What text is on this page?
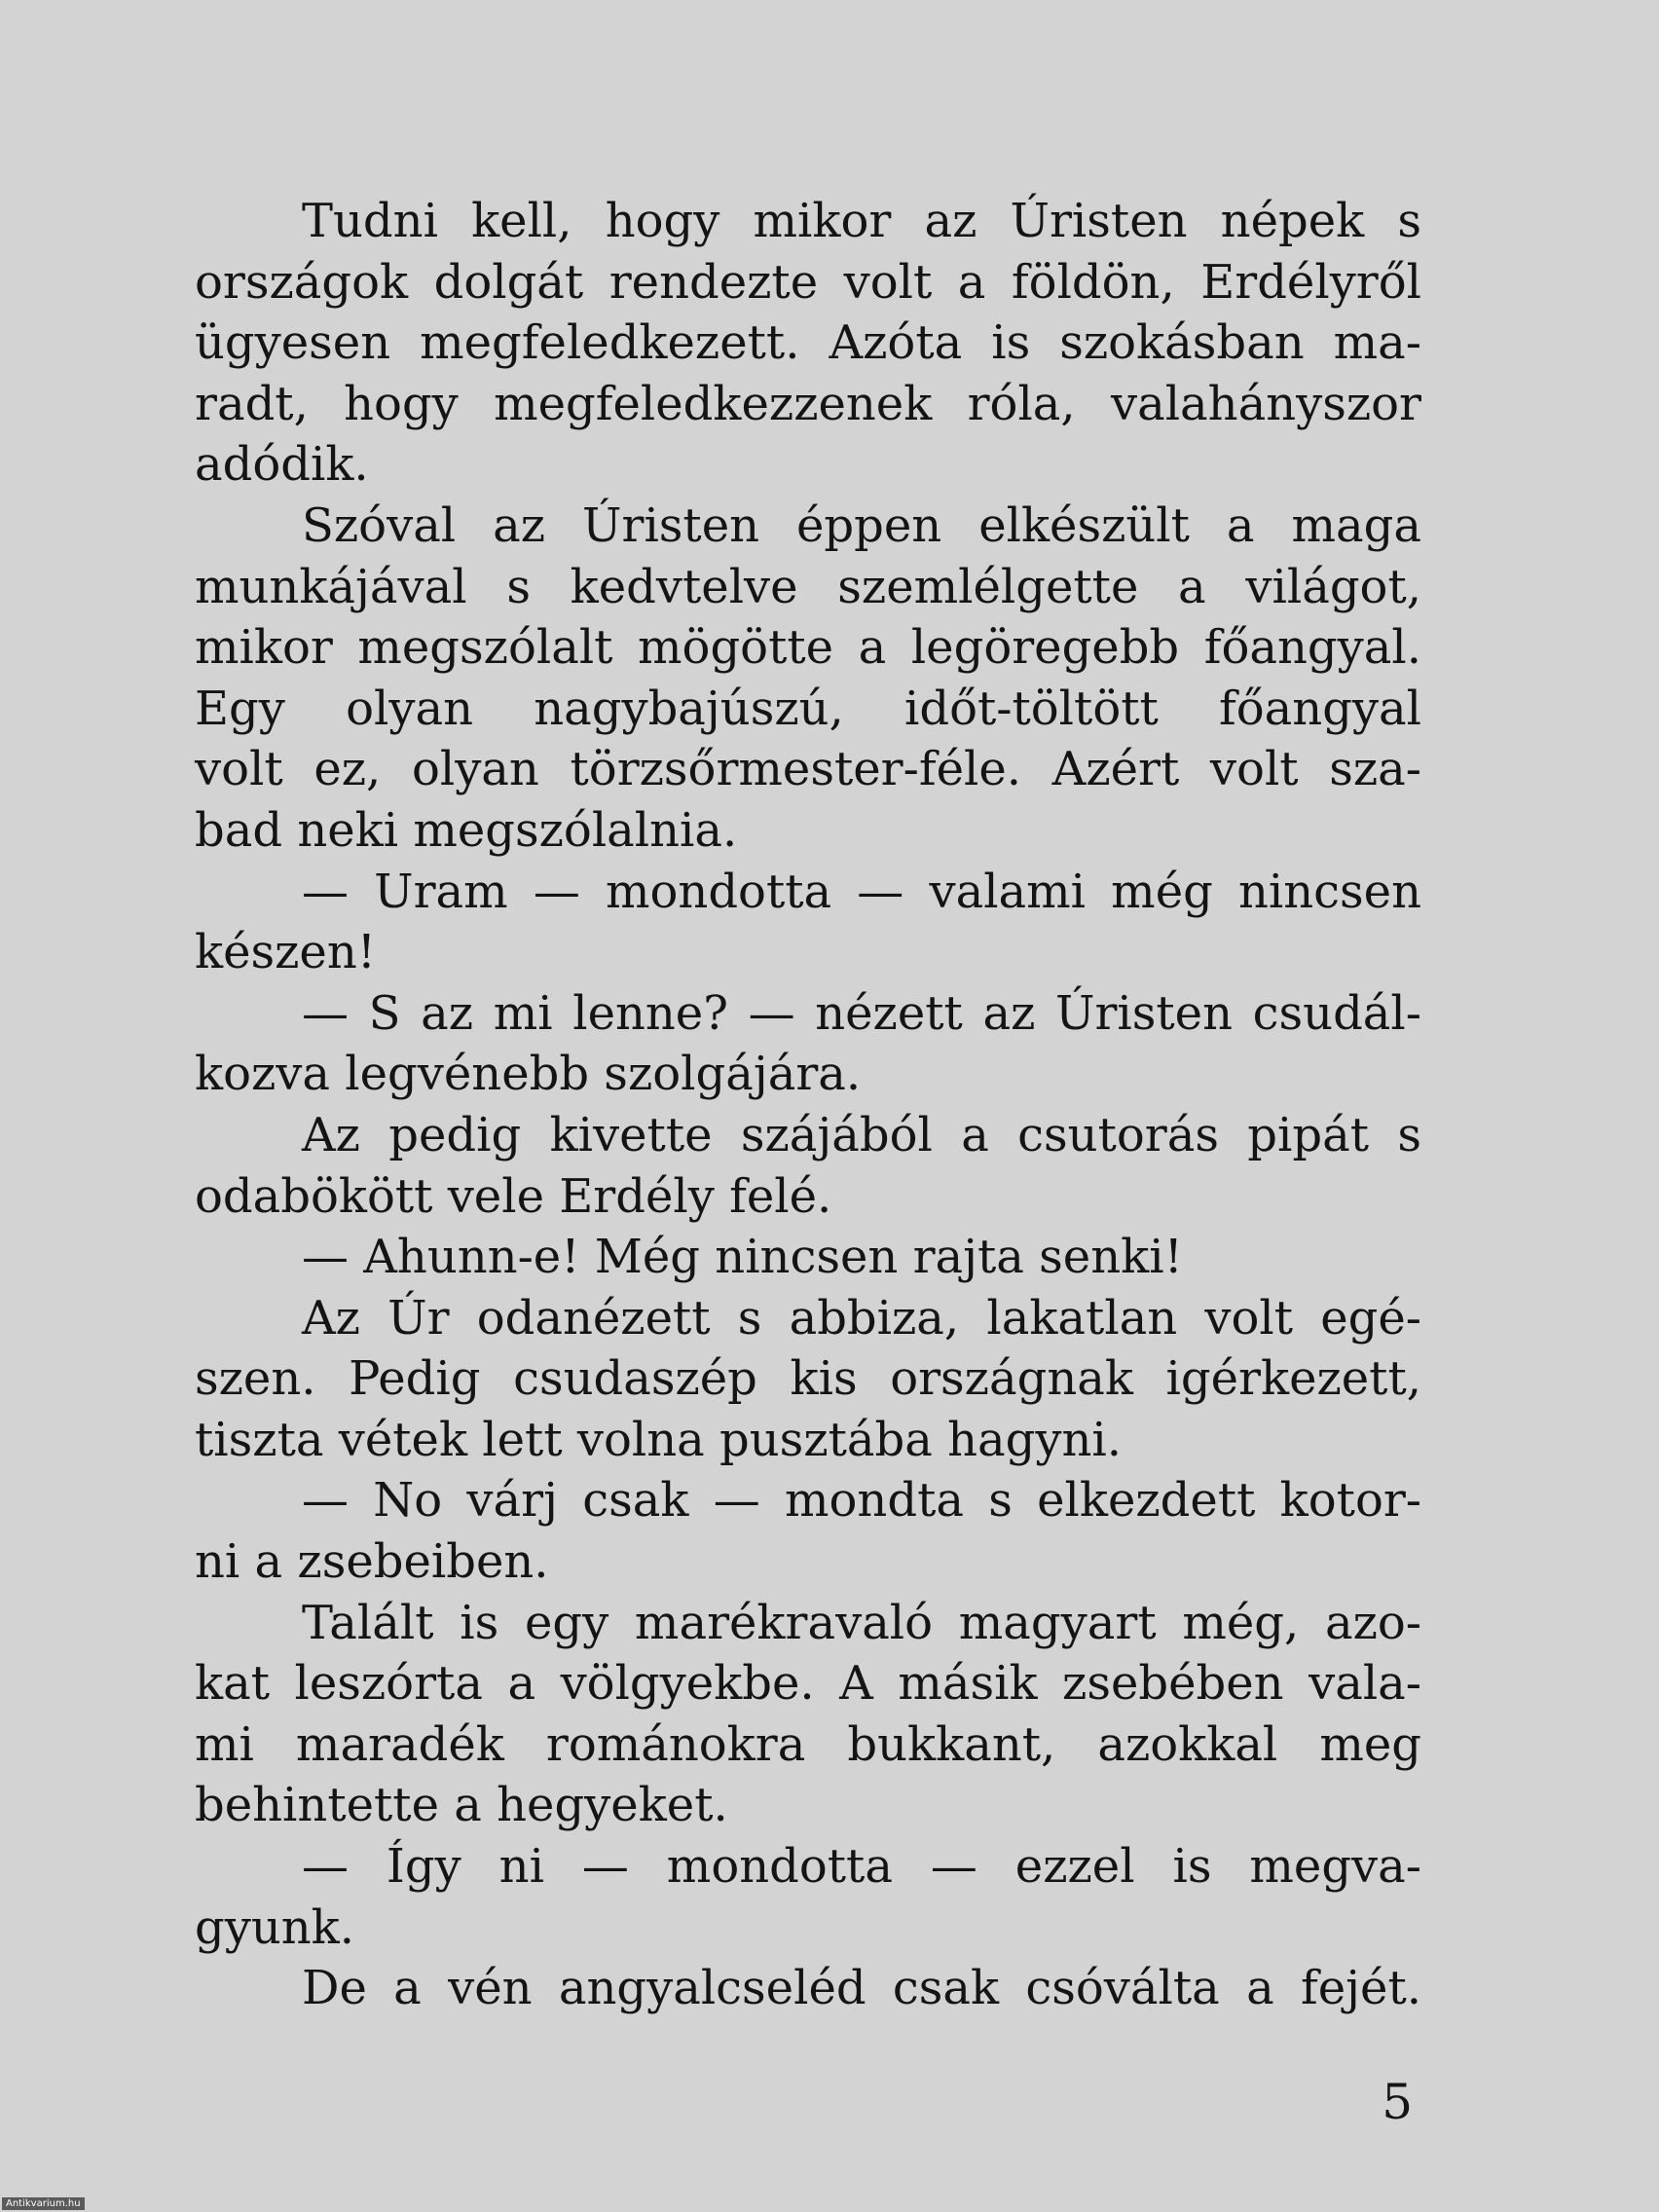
Tudni kell, hogy mikor az Úristen népek s
országok dolgát rendezte volt a földön, Erdélyről
ügyesen megfeledkezett. Azóta is szokásban ma-
radt, hogy megfeledkezzenek róla, valahányszor
adódik.
Szóval az Úristen éppen elkészült a maga
munkájával s kedvtelve szemlélgette a világot,
mikor megszólalt mögötte a legöregebb főangyal.
Egy olyan nagybajúszú, időt-töltött főangyal
volt ez, olyan törzsőrmester-féle. Azért volt sza-
bad neki megszólalnia.
— Uram — mondotta — valami még nincsen
készen!
— S az mi lenne? — nézett az Úristen csudál-
kozva legvénebb szolgájára.
Az pedig kivette szájából a csutorás pipát s
odabökött vele Erdély felé.
— Ahunn-e! Még nincsen rajta senki!
Az Úr odanézett s abbiza, lakatlan volt egé-
szen. Pedig csudaszép kis országnak igérkezett,
tiszta vétek lett volna pusztába hagyni.
— No várj csak — mondta s elkezdett kotor-
ni a zsebeiben.
Talált is egy marékravaló magyart még, azo-
kat leszórta a völgyekbe. A másik zsebében vala-
mi maradék románokra bukkant, azokkal meg
behintette a hegyeket.
— Így ni — mondotta — ezzel is megva-
gyunk.
De a vén angyalcseléd csak csóválta a fejét.
5
Antikvarium.hu
